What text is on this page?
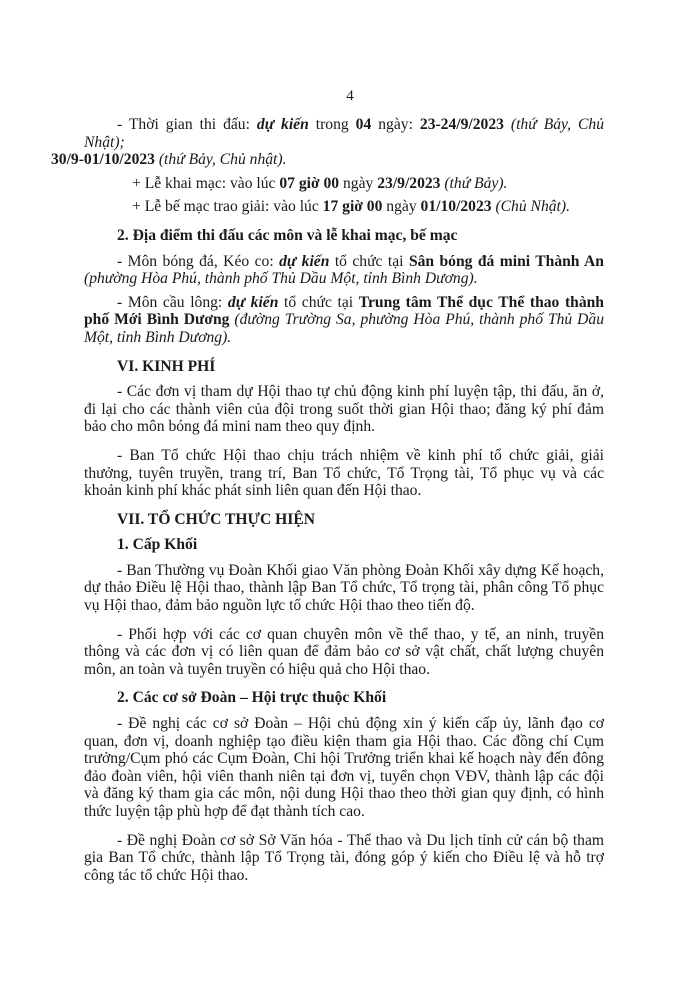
4

- Thời gian thi đấu: dự kiến trong 04 ngày: 23-24/9/2023 (thứ Bảy, Chủ Nhật);
30/9-01/10/2023 (thứ Bảy, Chủ nhật).

+ Lễ khai mạc: vào lúc 07 giờ 00 ngày 23/9/2023 (thứ Bảy).

+ Lễ bế mạc trao giải: vào lúc 17 giờ 00 ngày 01/10/2023 (Chủ Nhật).

2. Địa điểm thi đấu các môn và lễ khai mạc, bế mạc

- Môn bóng đá, Kéo co: dự kiến tổ chức tại Sân bóng đá mini Thành An (phường Hòa Phú, thành phố Thủ Dầu Một, tỉnh Bình Dương).

- Môn cầu lông: dự kiến tổ chức tại Trung tâm Thể dục Thể thao thành phố Mới Bình Dương (đường Trường Sa, phường Hòa Phú, thành phố Thủ Dầu Một, tỉnh Bình Dương).

VI. KINH PHÍ

- Các đơn vị tham dự Hội thao tự chủ động kinh phí luyện tập, thi đấu, ăn ở, đi lại cho các thành viên của đội trong suốt thời gian Hội thao; đăng ký phí đảm bảo cho môn bóng đá mini nam theo quy định.

- Ban Tổ chức Hội thao chịu trách nhiệm về kinh phí tổ chức giải, giải thưởng, tuyên truyền, trang trí, Ban Tổ chức, Tổ Trọng tài, Tổ phục vụ và các khoản kinh phí khác phát sinh liên quan đến Hội thao.

VII. TỔ CHỨC THỰC HIỆN

1. Cấp Khối

- Ban Thường vụ Đoàn Khối giao Văn phòng Đoàn Khối xây dựng Kế hoạch, dự thảo Điều lệ Hội thao, thành lập Ban Tổ chức, Tổ trọng tài, phân công Tổ phục vụ Hội thao, đảm bảo nguồn lực tổ chức Hội thao theo tiến độ.

- Phối hợp với các cơ quan chuyên môn về thể thao, y tế, an ninh, truyền thông và các đơn vị có liên quan để đảm bảo cơ sở vật chất, chất lượng chuyên môn, an toàn và tuyên truyền có hiệu quả cho Hội thao.

2. Các cơ sở Đoàn – Hội trực thuộc Khối

- Đề nghị các cơ sở Đoàn – Hội chủ động xin ý kiến cấp ủy, lãnh đạo cơ quan, đơn vị, doanh nghiệp tạo điều kiện tham gia Hội thao. Các đồng chí Cụm trưởng/Cụm phó các Cụm Đoàn, Chi hội Trưởng triển khai kế hoạch này đến đông đảo đoàn viên, hội viên thanh niên tại đơn vị, tuyển chọn VĐV, thành lập các đội và đăng ký tham gia các môn, nội dung Hội thao theo thời gian quy định, có hình thức luyện tập phù hợp để đạt thành tích cao.

- Đề nghị Đoàn cơ sở Sở Văn hóa - Thể thao và Du lịch tỉnh cử cán bộ tham gia Ban Tổ chức, thành lập Tổ Trọng tài, đóng góp ý kiến cho Điều lệ và hỗ trợ công tác tổ chức Hội thao.
